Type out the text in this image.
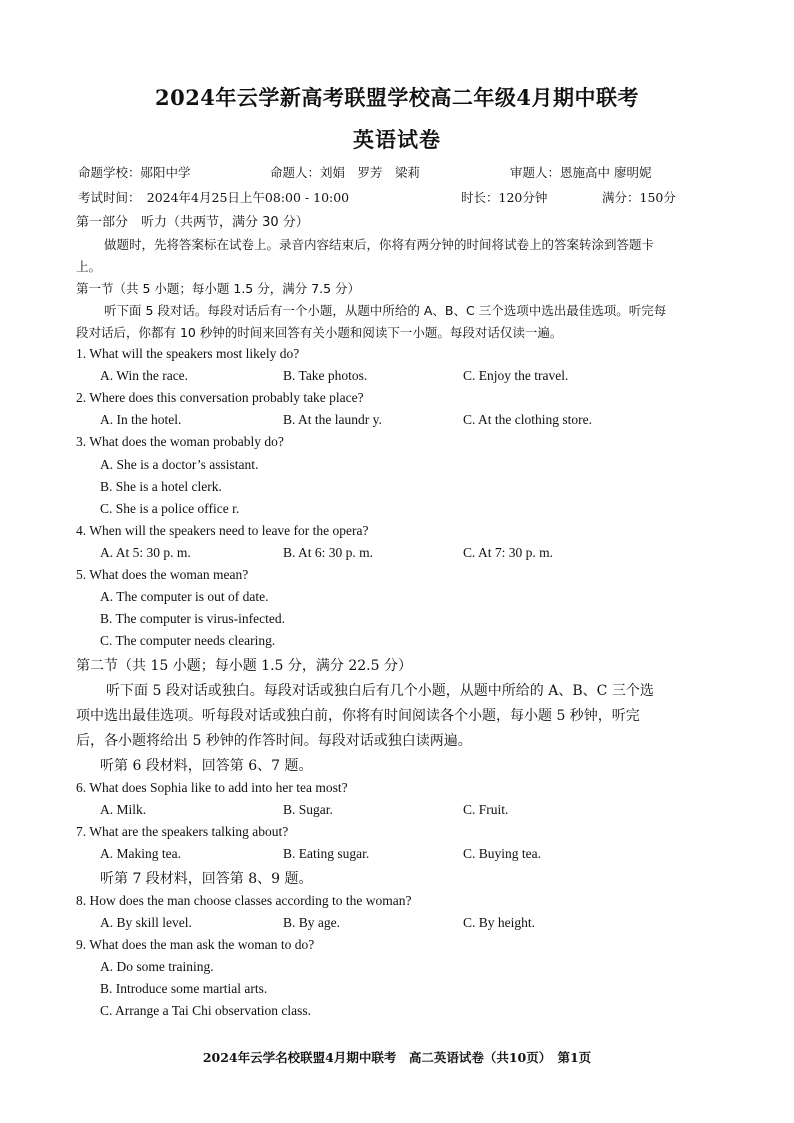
2024年云学新高考联盟学校高二年级4月期中联考
英语试卷
命题学校：郧阳中学	命题人：刘娟　罗芳　梁莉	审题人：恩施高中 廖明妮
考试时间：　2024年4月25日上午08:00 - 10:00	时长：120分钟	满分：150分
第一部分　听力（共两节，满分 30 分）
做题时，先将答案标在试卷上。录音内容结束后，你将有两分钟的时间将试卷上的答案转涂到答题卡
上。
第一节（共 5 小题；每小题 1.5 分，满分 7.5 分）
听下面 5 段对话。每段对话后有一个小题，从题中所给的 A、B、C 三个选项中选出最佳选项。听完每
段对话后，你都有 10 秒钟的时间来回答有关小题和阅读下一小题。每段对话仅读一遍。
1. What will the speakers most likely do?
A. Win the race.	B. Take photos.	C. Enjoy the travel.
2. Where does this conversation probably take place?
A. In the hotel.	B. At the laundr y.	C. At the clothing store.
3. What does the woman probably do?
A. She is a doctor’s assistant.
B. She is a hotel clerk.
C. She is a police office r.
4. When will the speakers need to leave for the opera?
A. At 5: 30 p. m.	B. At 6: 30 p. m.	C. At 7: 30 p. m.
5. What does the woman mean?
A. The computer is out of date.
B. The computer is virus-infected.
C. The computer needs clearing.
第二节（共 15 小题；每小题 1.5 分，满分 22.5 分）
听下面 5 段对话或独白。每段对话或独白后有几个小题，从题中所给的 A、B、C 三个选
项中选出最佳选项。听每段对话或独白前，你将有时间阅读各个小题，每小题 5 秒钟，听完
后，各小题将给出 5 秒钟的作答时间。每段对话或独白读两遍。
听第 6 段材料，回答第 6、7 题。
6. What does Sophia like to add into her tea most?
A. Milk.	B. Sugar.	C. Fruit.
7. What are the speakers talking about?
A. Making tea.	B. Eating sugar.	C. Buying tea.
听第 7 段材料，回答第 8、9 题。
8. How does the man choose classes according to the woman?
A. By skill level.	B. By age.	C. By height.
9. What does the man ask the woman to do?
A. Do some training.
B. Introduce some martial arts.
C. Arrange a Tai Chi observation class.
2024年云学名校联盟4月期中联考　高二英语试卷（共10页）　第1页
